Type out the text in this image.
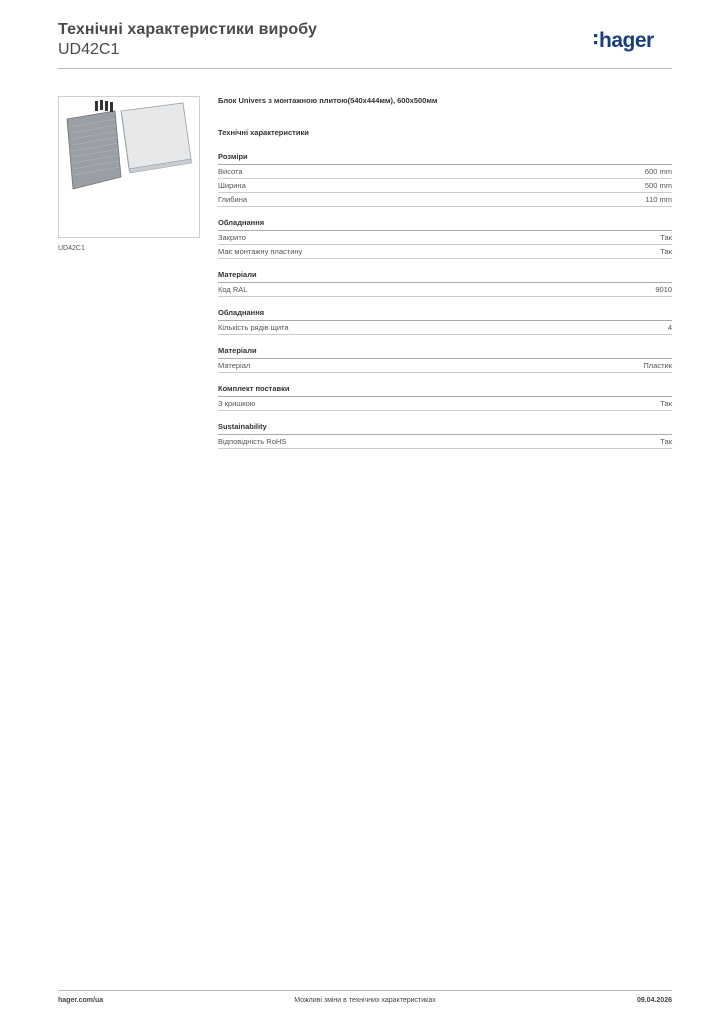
Технічні характеристики виробу
UD42C1	hager
UD42C1
Блок Univers з монтажною плитою(540x444мм), 600x500мм
Технічні характеристики
Розміри
Висота	600 mm
Ширина	500 mm
Глибина	110 mm
Обладнання
Закрито	Так
Має монтажну пластину	Так
Матеріали
Код RAL	9010
Обладнання
Кількість рядів щита	4
Матеріали
Матеріал	Пластик
Комплект поставки
З кришкою	Так
Sustainability
Відповідність RoHS	Так
Можливі зміни в технічних характеристиках
hager.com/ua	09.04.2026
